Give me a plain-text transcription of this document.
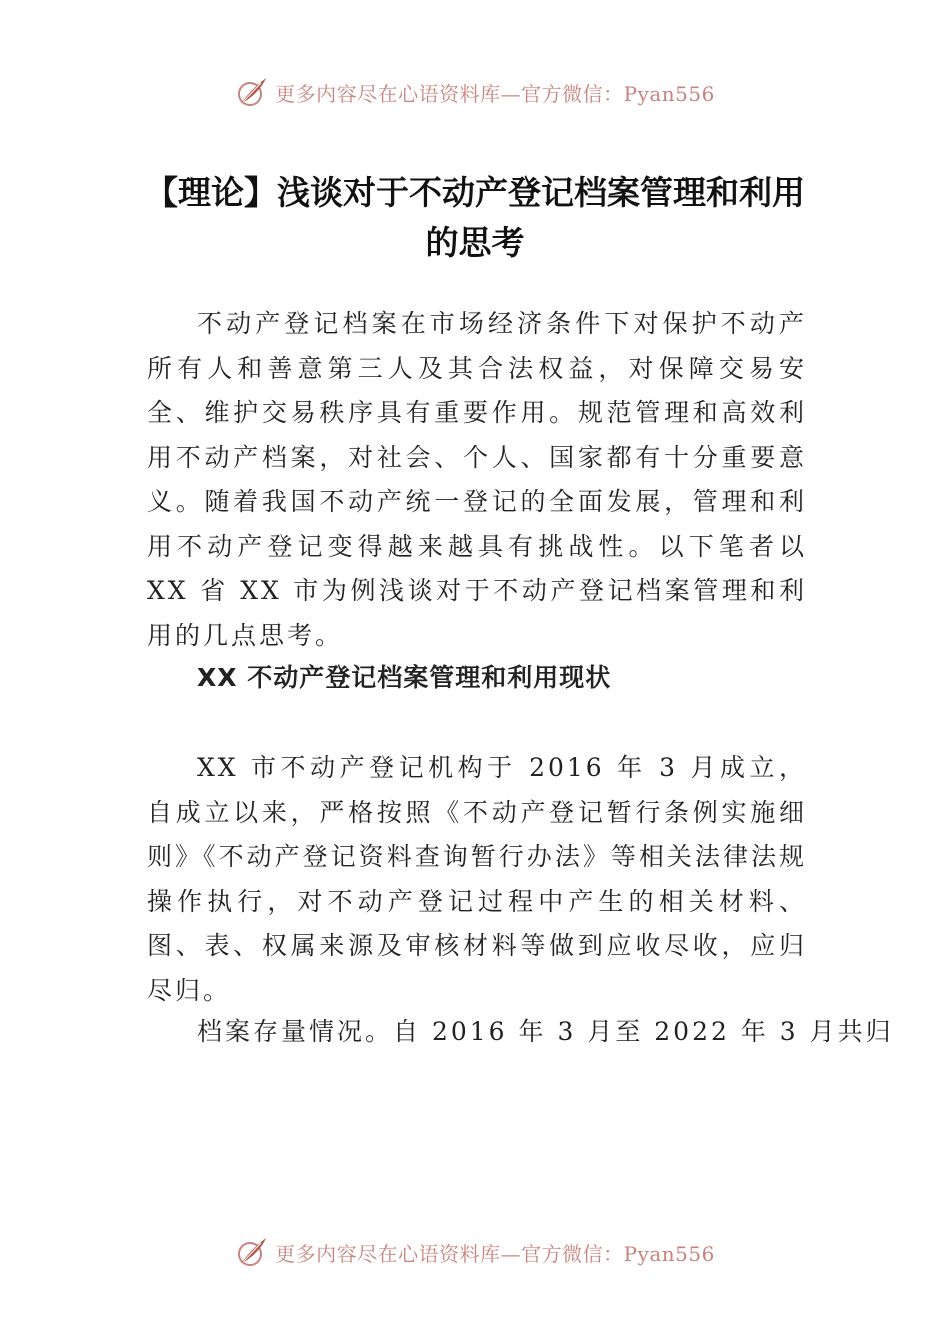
更多内容尽在心语资料库—官方微信：Pyan556
【理论】浅谈对于不动产登记档案管理和利用的思考

不动产登记档案在市场经济条件下对保护不动产所有人和善意第三人及其合法权益，对保障交易安全、维护交易秩序具有重要作用。规范管理和高效利用不动产档案，对社会、个人、国家都有十分重要意义。随着我国不动产统一登记的全面发展，管理和利用不动产登记变得越来越具有挑战性。以下笔者以 XX 省 XX 市为例浅谈对于不动产登记档案管理和利用的几点思考。

XX 不动产登记档案管理和利用现状

XX 市不动产登记机构于 2016 年 3 月成立，自成立以来，严格按照《不动产登记暂行条例实施细则》《不动产登记资料查询暂行办法》等相关法律法规操作执行，对不动产登记过程中产生的相关材料、图、表、权属来源及审核材料等做到应收尽收，应归尽归。

档案存量情况。自 2016 年 3 月至 2022 年 3 月共归

更多内容尽在心语资料库—官方微信：Pyan556
